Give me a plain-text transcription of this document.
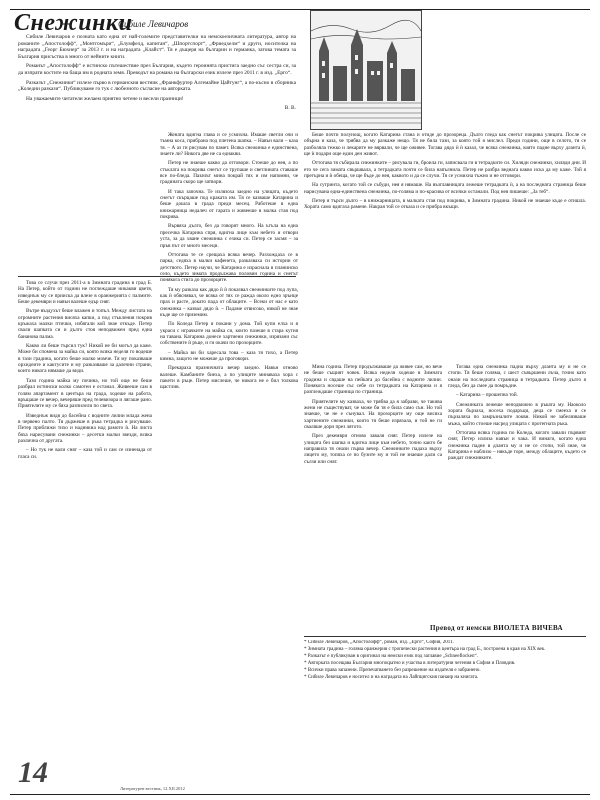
Снежинки
Сибиле Левичаров

Сибиле Левичаров е позната като една от най-големите представителки на немскоезичната литература, автор на романите „Апостолофф“, „Монтгомъри“, „Блумфелд, капитан“, „Шпортспорт“, „Фриедхелм“ и други, носителка на наградата „Георг Бюхнер“ за 2013 г. и на наградата „Клайст“. Тя е дъщеря на българин и германка, затова темата за България присъства в много от нейните книги.

Романът „Апостолофф“ е истинско пътешествие през България, където героинята пристига заедно със сестра си, за да изпрати костите на баща им в родната земя. Преводът на романа на български език излезе през 2011 г. в изд. „Ерго“.

Разказът „Снежинки“ излезе първо в германския вестник „Франкфуртер Алгемайне Цайтунг“, а по-късно в сборника „Коледни разкази“. Публикуваме го тук с любезното съгласие на авторката.

На уважаемите читатели желаем приятно четене и весели празници!

В. В.

Това се случи през 2011-а в Зимната градина в град Б. На Петер, който от години не поглеждаше никакви цветя, изведнъж му се прииска да влезе в оранжерията с палмите. Беше декември и навън валеше едър сняг.

Вътре въздухът беше влажен и топъл. Между листата на огромните растения висяха капки, а под стъкления покрив кръжаха малки птички, избягали кой знае откъде. Петер свали шапката си и дълго стоя неподвижен пред една бананова палма.

Какво ли беше търсил тук? Никой не би могъл да каже. Може би спомена за майка си, която всяка неделя го водеше в тази градина, когато беше малко момче. Тя му показваше орхидеите и кактусите и му разказваше за далечни страни, които никога нямаше да види.

Тази година майка му почина, но той още не беше разбрал истински колко самотен е останал. Живееше сам в голям апартамент в центъра на града, ходеше на работа, връщаше се вечер, вечеряше пред телевизора и лягаше рано. Приятелите му се бяха разпилели по света.

Изведнъж видя до басейна с водните лилии млада жена в червено палто. Тя държеше в ръка тетрадка и рисуваше. Петер приближи тихо и надникна над рамото ѝ. На листа бяха нарисувани снежинки – десетки малки звезди, всяка различна от другата.

– Но тук не вали сняг – каза той и сам се изненада от гласа си.

Жената вдигна глава и се усмихна. Имаше светли очи и тъмна коса, прибрана под плетена шапка. – Навън вали – каза тя. – А аз ги рисувам по памет. Всяка снежинка е единствена, знаете ли? Никога две не са еднакви.

Петер не знаеше какво да отговори. Стоеше до нея, а по стъклата на покрива снегът се трупаше и светлината ставаше все по-бледа. Пазачът мина покрай тях и им напомни, че градината скоро ще затвори.

И така започна. Те излязоха заедно на улицата, където снегът скърцаше под краката им. Тя се казваше Катарина и беше дошла в града преди месец. Работеше в една книжарница недалеч от гарата и живееше в малка стая под покрива.

Вървяха дълго, без да говорят много. На ъгъла на една пресечка Катарина спря, вдигна лице към небето и отвори уста, за да хване снежинка с езика си. Петер се засмя – за пръв път от много месеци.

Оттогава те се срещаха всяка вечер. Разхождаха се в парка, седяха в малки кафенета, разказваха си истории от детството. Петер научи, че Катарина е израснала в планинско село, където зимата продължава половин година и снегът понякога стига до прозорците.

Тя му разказа как дядо ѝ ѝ показвал снежинките под лупа, как ѝ обяснявал, че всяка от тях се ражда около едно зрънце прах и расте, докато пада от облаците. – Всеки от нас е като снежинка – казвал дядо ѝ. – Падаме отвисоко, никой не знае къде ще се приземим.

По Коледа Петер я покани у дома. Той купи елха и я украси с играчките на майка си, които пазеше в стара кутия на тавана. Катарина донесе хартиени снежинки, изрязани със собствените ѝ ръце, и ги окачи по прозорците.

– Майка ви би харесала това – каза тя тихо, а Петер кимна, защото не можеше да проговори.

Прекараха празничната вечер заедно. Навън отново валеше. Камбаните биеха, а по улиците минаваха хора с пакети в ръце. Петер мислеше, че никога не е бил толкова щастлив.

Беше почти полунощ, когато Катарина стана и отиде до прозореца. Дълго гледа как снегът покрива улицата. После се обърна и каза, че трябва да му разкаже нещо. Тя не била тази, за която той я мислел. Преди години, още в селото, тя се разболяла тежко и лекарите не вярвали, че ще оживее. Тогава дядо ѝ ѝ казал, че всяка снежинка, която падне върху дланта ѝ, ще ѝ подари още един ден живот.

Оттогава тя събирала снежинките – рисувала ги, броила ги, записвала ги в тетрадките си. Хиляди снежинки, хиляди дни. И ето че сега зимата свършвала, а тетрадката почти се била напълнила. Петер не разбра веднага какво иска да му каже. Той я прегърна и ѝ обеща, че ще бъде до нея, каквото и да се случи. Тя се усмихна тъжно и не отговори.

На сутринта, когато той се събуди, нея я нямаше. На възглавницата лежеше тетрадката ѝ, а на последната страница беше нарисувана една-единствена снежинка, по-голяма и по-красива от всички останали. Под нея пишеше: „За теб“.

Петер я търси дълго – в книжарницата, в малката стая под покрива, в Зимната градина. Никой не знаеше къде е отишла. Хората само вдигаха рамене. Накрая той се отказа и се прибра вкъщи.

Мина година. Петер продължаваше да живее сам, но вече не беше същият човек. Всяка неделя ходеше в Зимната градина и сядаше на пейката до басейна с водните лилии. Понякога носеше със себе си тетрадката на Катарина и я разглеждаше страница по страница.

Приятелите му казваха, че трябва да я забрави, че такива жени не съществуват, че може би тя е била само сън. Но той знаеше, че не е сънувал. На прозорците му още висяха хартиените снежинки, които тя беше изрязала, и той не ги сваляше дори през лятото.

През декември отново заваля сняг. Петер излезе на улицата без шапка и вдигна лице към небето, точно както бе направила тя онази първа вечер. Снежинките падаха върху лицето му, топяха се по бузите му и той не знаеше дали са сълзи или сняг.

Тогава една снежинка падна върху дланта му и не се стопи. Тя беше голяма, с шест съвършени лъча, точно като онази на последната страница в тетрадката. Петер дълго я гледа, без да смее да помръдне.

– Катарина – прошепна той.

Снежинката лежеше неподвижно в ръката му. Наоколо хората бързаха, носеха подаръци, деца се смееха и се пързаляха по замръзналите локви. Никой не забелязваше мъжа, който стоеше насред улицата с протегната ръка.

Оттогава всяка година по Коледа, когато завали първият сняг, Петер излиза навън и чака. И винаги, когато една снежинка падне в дланта му и не се стопи, той знае, че Катарина е наблизо – някъде горе, между облаците, където се раждат снежинките.

Превод от немски ВИОЛЕТА ВИЧЕВА

* Сибиле Левичаров, „Апостолофф“, роман, изд. „Ерго“, София, 2011.

* Зимната градина – голяма оранжерия с тропически растения в центъра на град Б., построена в края на XIX век.

* Разказът е публикуван в оригинал на немски език под заглавие „Schneeflocken“.

* Авторката посещава България многократно и участва в литературни четения в София и Пловдив.

* Всички права запазени. Препечатването без разрешение на издателя е забранено.

* Сибиле Левичаров е носител и на наградата на Лайпцигския панаир на книгата.

14	Литературен вестник, 12.XII.2012
